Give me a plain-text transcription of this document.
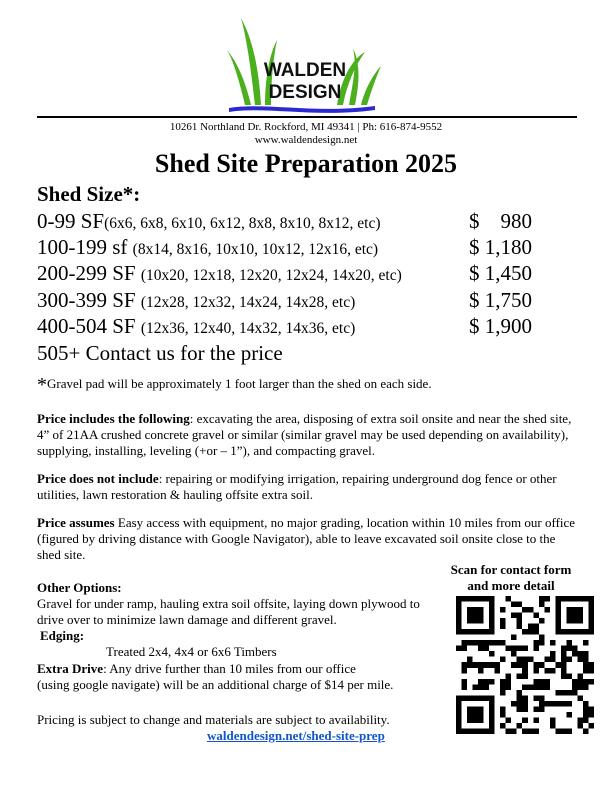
WALDEN
DESIGN
10261 Northland Dr. Rockford, MI 49341 | Ph: 616-874-9552
www.waldendesign.net
Shed Site Preparation 2025
Shed Size*:
0-99 SF(6x6, 6x8, 6x10, 6x12, 8x8, 8x10, 8x12, etc)	$    980
100-199 sf (8x14, 8x16, 10x10, 10x12, 12x16, etc)	$ 1,180
200-299 SF (10x20, 12x18, 12x20, 12x24, 14x20, etc)	$ 1,450
300-399 SF (12x28, 12x32, 14x24, 14x28, etc)	$ 1,750
400-504 SF (12x36, 12x40, 14x32, 14x36, etc)	$ 1,900
505+ Contact us for the price
*Gravel pad will be approximately 1 foot larger than the shed on each side.
Price includes the following: excavating the area, disposing of extra soil onsite and near the shed site, 4” of 21AA crushed concrete gravel or similar (similar gravel may be used depending on availability), supplying, installing, leveling (+or – 1”), and compacting gravel.
Price does not include: repairing or modifying irrigation, repairing underground dog fence or other utilities, lawn restoration & hauling offsite extra soil.
Price assumes Easy access with equipment, no major grading, location within 10 miles from our office (figured by driving distance with Google Navigator), able to leave excavated soil onsite close to the shed site.
Scan for contact form
and more detail
Other Options:
Gravel for under ramp, hauling extra soil offsite, laying down plywood to drive over to minimize lawn damage and different gravel.
Edging:
Treated 2x4, 4x4 or 6x6 Timbers
Extra Drive: Any drive further than 10 miles from our office
(using google navigate) will be an additional charge of $14 per mile.
Pricing is subject to change and materials are subject to availability.
waldendesign.net/shed-site-prep
